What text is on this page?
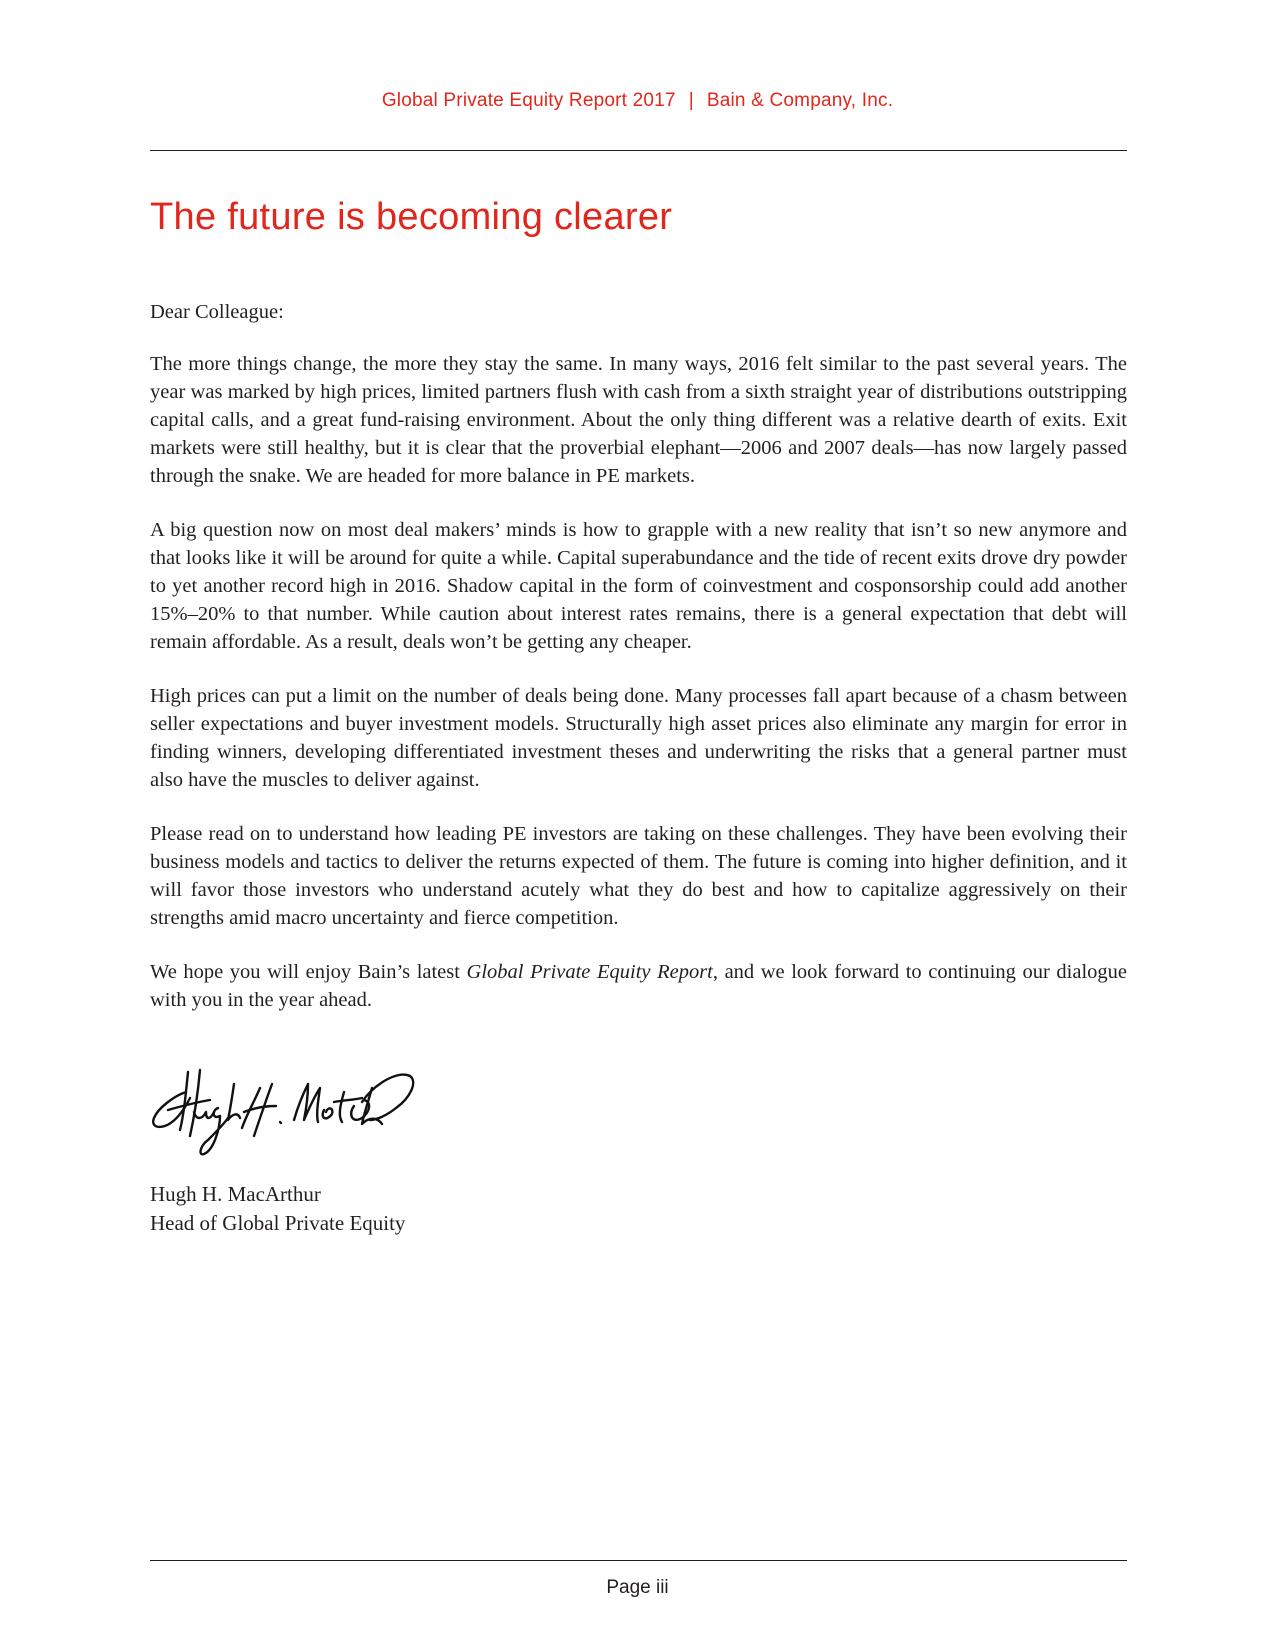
Global Private Equity Report 2017 | Bain & Company, Inc.
The future is becoming clearer

Dear Colleague:

The more things change, the more they stay the same. In many ways, 2016 felt similar to the past several years. The year was marked by high prices, limited partners flush with cash from a sixth straight year of distributions outstripping capital calls, and a great fund-raising environment. About the only thing different was a relative dearth of exits. Exit markets were still healthy, but it is clear that the proverbial elephant—2006 and 2007 deals—has now largely passed through the snake. We are headed for more balance in PE markets.

A big question now on most deal makers’ minds is how to grapple with a new reality that isn’t so new anymore and that looks like it will be around for quite a while. Capital superabundance and the tide of recent exits drove dry powder to yet another record high in 2016. Shadow capital in the form of coinvestment and cosponsorship could add another 15%–20% to that number. While caution about interest rates remains, there is a general expectation that debt will remain affordable. As a result, deals won’t be getting any cheaper.

High prices can put a limit on the number of deals being done. Many processes fall apart because of a chasm between seller expectations and buyer investment models. Structurally high asset prices also eliminate any margin for error in finding winners, developing differentiated investment theses and underwriting the risks that a general partner must also have the muscles to deliver against.

Please read on to understand how leading PE investors are taking on these challenges. They have been evolving their business models and tactics to deliver the returns expected of them. The future is coming into higher definition, and it will favor those investors who understand acutely what they do best and how to capitalize aggressively on their strengths amid macro uncertainty and fierce competition.

We hope you will enjoy Bain’s latest Global Private Equity Report, and we look forward to continuing our dialogue with you in the year ahead.

Hugh H. MacArthur
Head of Global Private Equity
Page iii
